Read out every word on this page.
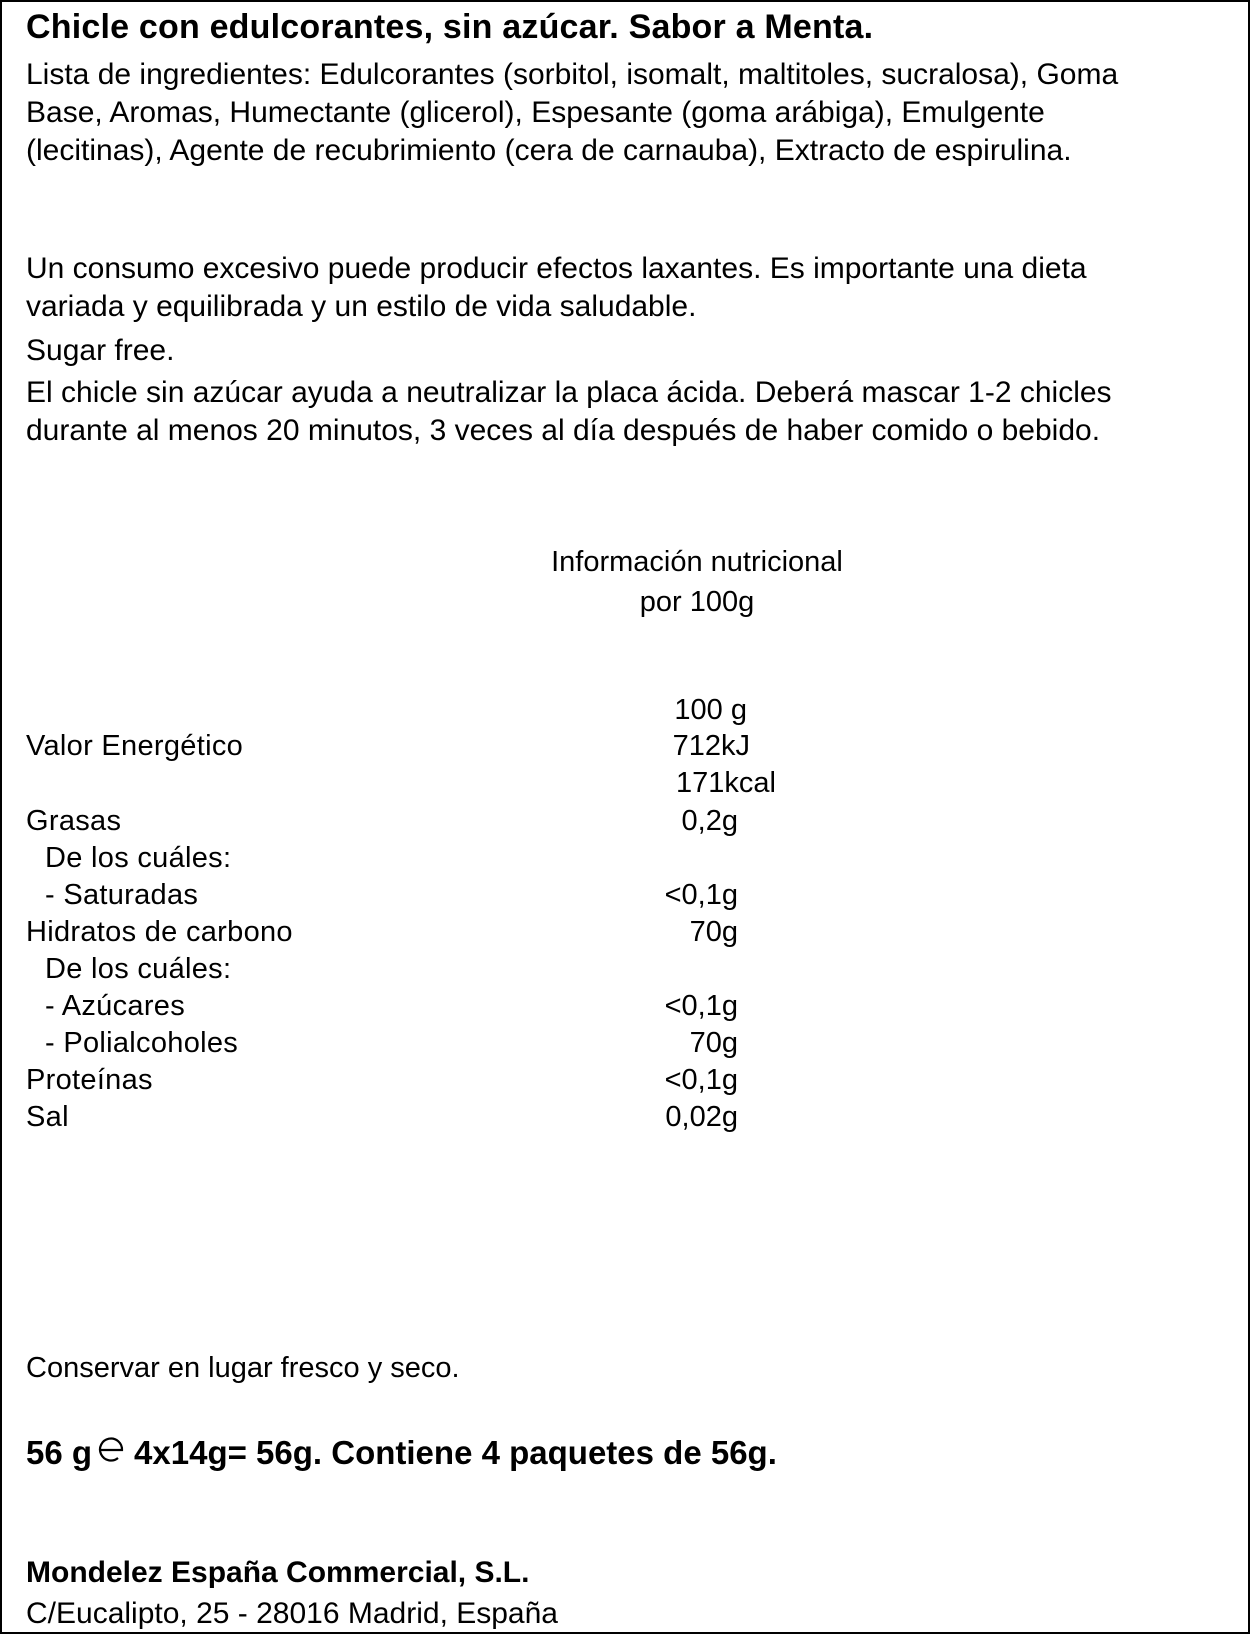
Chicle con edulcorantes, sin azúcar. Sabor a Menta.
Lista de ingredientes: Edulcorantes (sorbitol, isomalt, maltitoles, sucralosa), Goma
Base, Aromas, Humectante (glicerol), Espesante (goma arábiga), Emulgente
(lecitinas), Agente de recubrimiento (cera de carnauba), Extracto de espirulina.
Un consumo excesivo puede producir efectos laxantes. Es importante una dieta
variada y equilibrada y un estilo de vida saludable.
Sugar free.
El chicle sin azúcar ayuda a neutralizar la placa ácida. Deberá mascar 1-2 chicles
durante al menos 20 minutos, 3 veces al día después de haber comido o bebido.
Información nutricional
por 100g
100 g
Valor Energético	712kJ
171kcal
Grasas	0,2g
De los cuáles:
- Saturadas	<0,1g
Hidratos de carbono	70g
De los cuáles:
- Azúcares	<0,1g
- Polialcoholes	70g
Proteínas	<0,1g
Sal	0,02g
Conservar en lugar fresco y seco.
56 g 4x14g= 56g. Contiene 4 paquetes de 56g.
Mondelez España Commercial, S.L.
C/Eucalipto, 25 - 28016 Madrid, España
